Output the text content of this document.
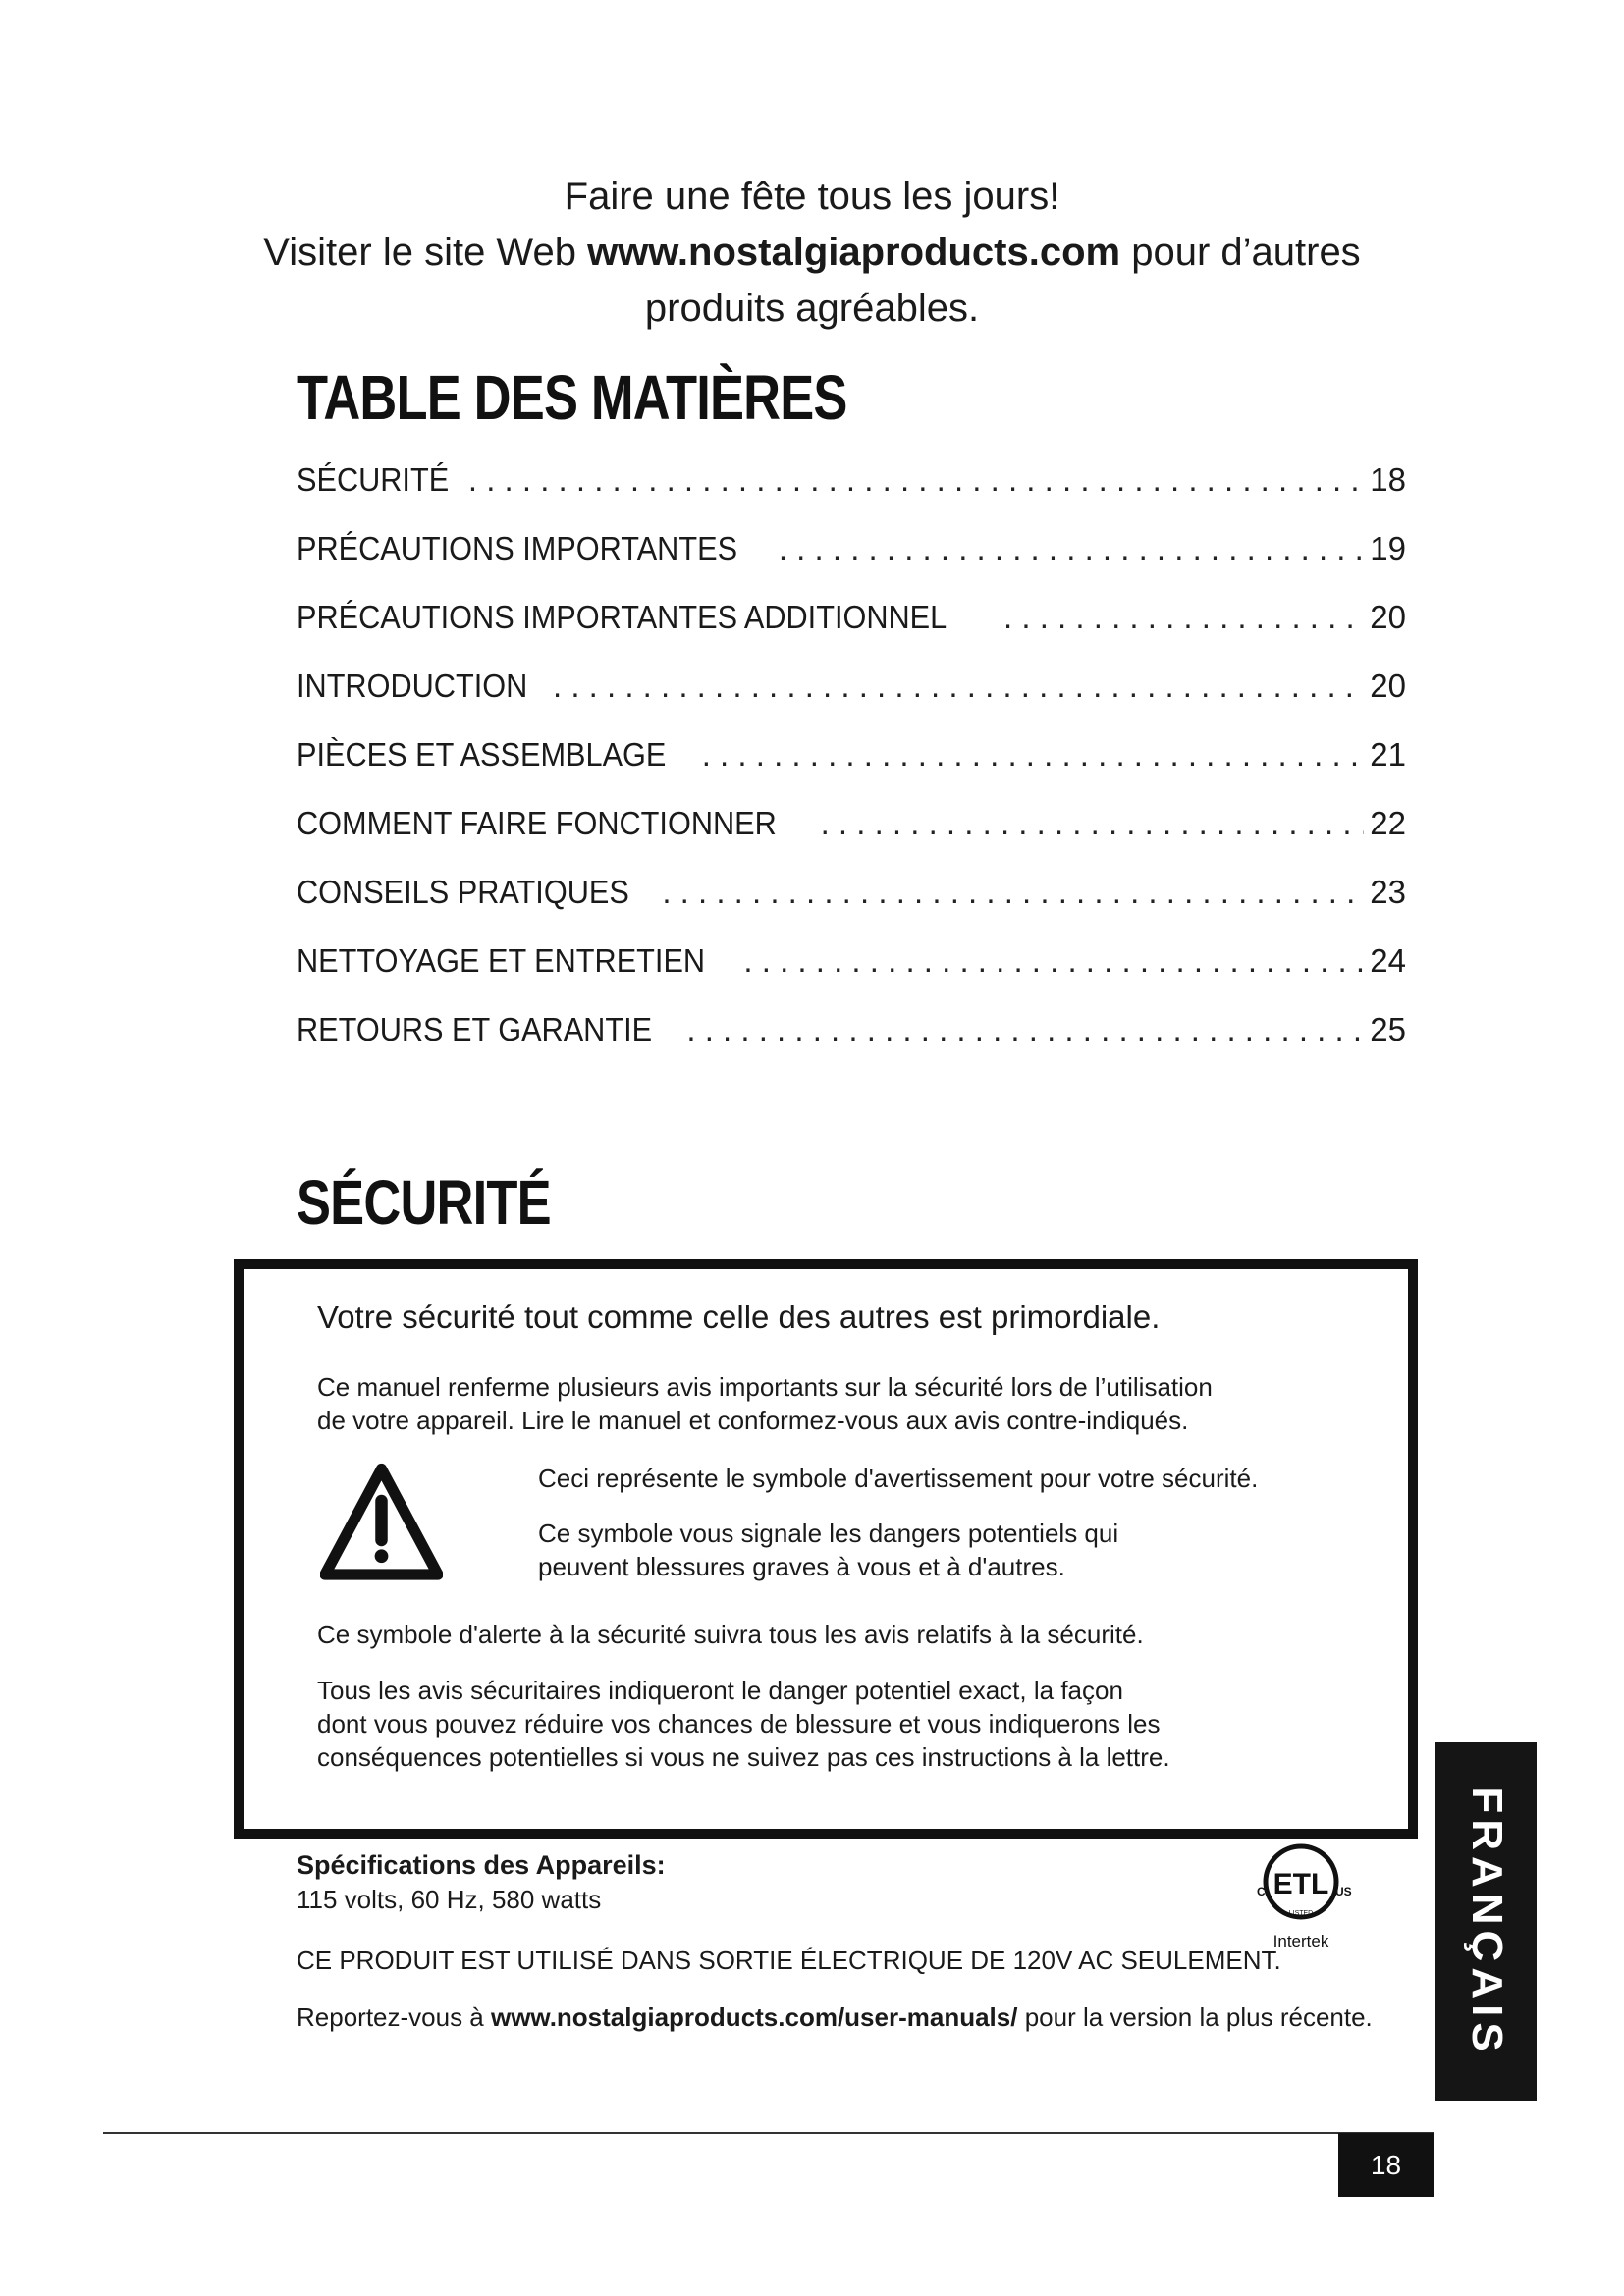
Faire une fête tous les jours!
Visiter le site Web www.nostalgiaproducts.com pour d’autres
produits agréables.
TABLE DES MATIÈRES
SÉCURITÉ . . .	18
PRÉCAUTIONS IMPORTANTES . . .	19
PRÉCAUTIONS IMPORTANTES ADDITIONNEL . . .	20
INTRODUCTION . . .	20
PIÈCES ET ASSEMBLAGE . . .	21
COMMENT FAIRE FONCTIONNER . . .	22
CONSEILS PRATIQUES . . .	23
NETTOYAGE ET ENTRETIEN . . .	24
RETOURS ET GARANTIE . . .	25
SÉCURITÉ
Votre sécurité tout comme celle des autres est primordiale.
Ce manuel renferme plusieurs avis importants sur la sécurité lors de l’utilisation
de votre appareil. Lire le manuel et conformez-vous aux avis contre-indiqués.
Ceci représente le symbole d'avertissement pour votre sécurité.
Ce symbole vous signale les dangers potentiels qui
peuvent blessures graves à vous et à d'autres.
Ce symbole d'alerte à la sécurité suivra tous les avis relatifs à la sécurité.
Tous les avis sécuritaires indiqueront le danger potentiel exact, la façon
dont vous pouvez réduire vos chances de blessure et vous indiquerons les
conséquences potentielles si vous ne suivez pas ces instructions à la lettre.
Spécifications des Appareils:
115 volts, 60 Hz, 580 watts
CE PRODUIT EST UTILISÉ DANS SORTIE ÉLECTRIQUE DE 120V AC SEULEMENT.
Reportez-vous à www.nostalgiaproducts.com/user-manuals/ pour la version la plus récente.
ETL
C	US
LISTED
Intertek	FRANÇAIS
18
